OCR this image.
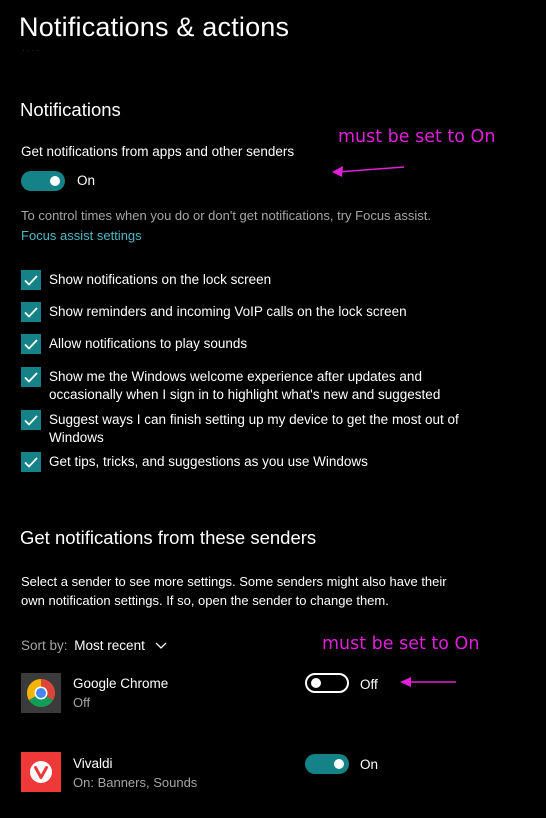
Notifications & actions
· · · ·
Notifications
Get notifications from apps and other senders
On
To control times when you do or don't get notifications, try Focus assist.
Focus assist settings
Show notifications on the lock screen
Show reminders and incoming VoIP calls on the lock screen
Allow notifications to play sounds
Show me the Windows welcome experience after updates and occasionally when I sign in to highlight what's new and suggested
Suggest ways I can finish setting up my device to get the most out of Windows
Get tips, tricks, and suggestions as you use Windows
Get notifications from these senders
Select a sender to see more settings. Some senders might also have their own notification settings. If so, open the sender to change them.
Sort by: Most recent
Google Chrome
Off
Off
Vivaldi
On: Banners, Sounds
On
must be set to On
must be set to On
